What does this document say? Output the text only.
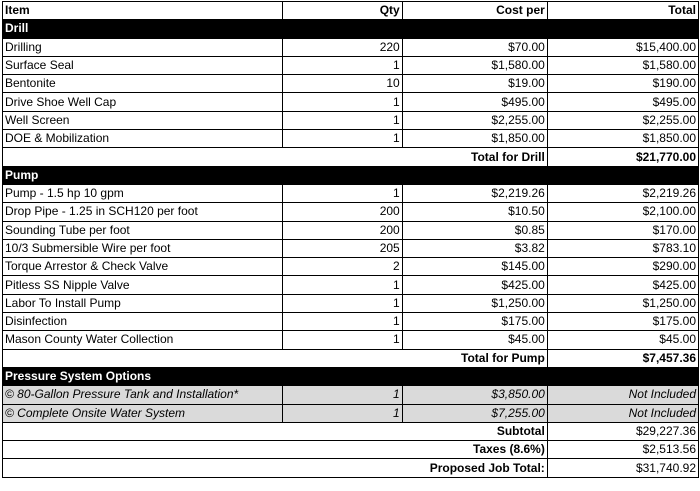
Item	Qty	Cost per	Total
Drill			
Drilling	220	$70.00	$15,400.00
Surface Seal	1	$1,580.00	$1,580.00
Bentonite	10	$19.00	$190.00
Drive Shoe Well Cap	1	$495.00	$495.00
Well Screen	1	$2,255.00	$2,255.00
DOE & Mobilization	1	$1,850.00	$1,850.00
Total for Drill			$21,770.00
Pump			
Pump - 1.5 hp 10 gpm	1	$2,219.26	$2,219.26
Drop Pipe - 1.25 in SCH120 per foot	200	$10.50	$2,100.00
Sounding Tube per foot	200	$0.85	$170.00
10/3 Submersible Wire per foot	205	$3.82	$783.10
Torque Arrestor & Check Valve	2	$145.00	$290.00
Pitless SS Nipple Valve	1	$425.00	$425.00
Labor To Install Pump	1	$1,250.00	$1,250.00
Disinfection	1	$175.00	$175.00
Mason County Water Collection	1	$45.00	$45.00
Total for Pump			$7,457.36
Pressure System Options			
© 80-Gallon Pressure Tank and Installation*	1	$3,850.00	Not Included
© Complete Onsite Water System	1	$7,255.00	Not Included
Subtotal			$29,227.36
Taxes (8.6%)			$2,513.56
Proposed Job Total:			$31,740.92
